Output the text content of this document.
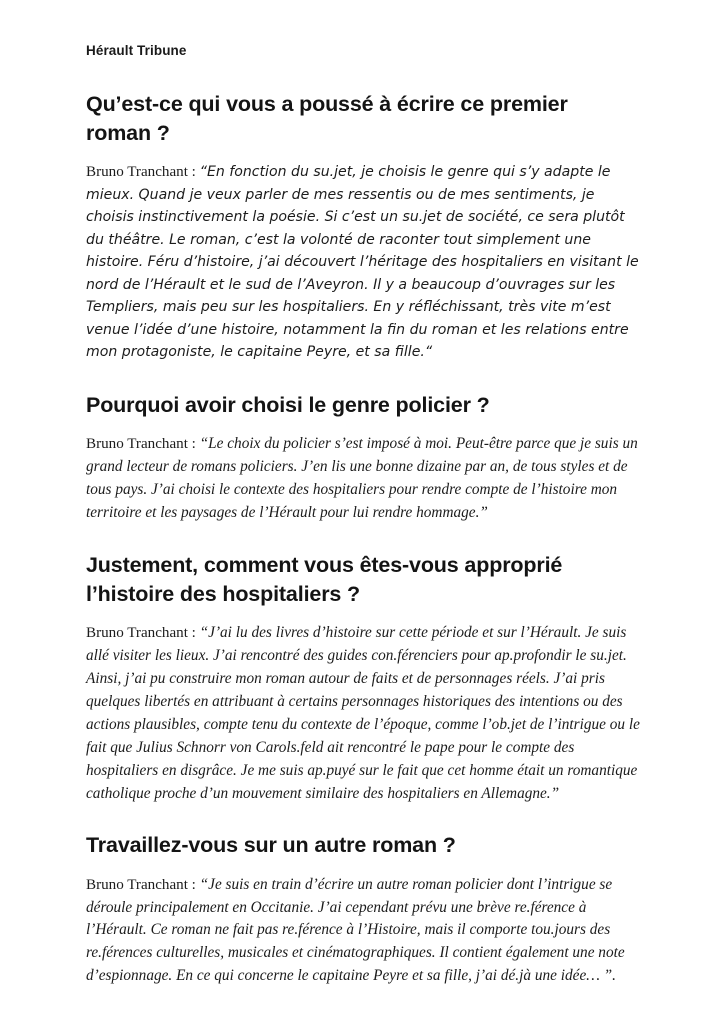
Hérault Tribune
Qu’est-ce qui vous a poussé à écrire ce premier roman ?

Bruno Tranchant : “En fonction du su.jet, je choisis le genre qui s’y adapte le mieux. Quand je veux parler de mes ressentis ou de mes sentiments, je choisis instinctivement la poésie. Si c’est un su.jet de société, ce sera plutôt du théâtre. Le roman, c’est la volonté de raconter tout simplement une histoire. Féru d’histoire, j’ai découvert l’héritage des hospitaliers en visitant le nord de l’Hérault et le sud de l’Aveyron. Il y a beaucoup d’ouvrages sur les Templiers, mais peu sur les hospitaliers. En y réfléchissant, très vite m’est venue l’idée d’une histoire, notamment la fin du roman et les relations entre mon protagoniste, le capitaine Peyre, et sa fille.“

Pourquoi avoir choisi le genre policier ?

Bruno Tranchant : “Le choix du policier s’est imposé à moi. Peut-être parce que je suis un grand lecteur de romans policiers. J’en lis une bonne dizaine par an, de tous styles et de tous pays. J’ai choisi le contexte des hospitaliers pour rendre compte de l’histoire mon territoire et les paysages de l’Hérault pour lui rendre hommage.”

Justement, comment vous êtes-vous approprié l’histoire des hospitaliers ?

Bruno Tranchant : “J’ai lu des livres d’histoire sur cette période et sur l’Hérault. Je suis allé visiter les lieux. J’ai rencontré des guides con.férenciers pour ap.profondir le su.jet. Ainsi, j’ai pu construire mon roman autour de faits et de personnages réels. J’ai pris quelques libertés en attribuant à certains personnages historiques des intentions ou des actions plausibles, compte tenu du contexte de l’époque, comme l’ob.jet de l’intrigue ou le fait que Julius Schnorr von Carols.feld ait rencontré le pape pour le compte des hospitaliers en disgrâce. Je me suis ap.puyé sur le fait que cet homme était un romantique catholique proche d’un mouvement similaire des hospitaliers en Allemagne.”

Travaillez-vous sur un autre roman ?

Bruno Tranchant : “Je suis en train d’écrire un autre roman policier dont l’intrigue se déroule principalement en Occitanie. J’ai cependant prévu une brève re.férence à l’Hérault. Ce roman ne fait pas re.férence à l’Histoire, mais il comporte tou.jours des re.férences culturelles, musicales et cinématographiques. Il contient également une note d’espionnage. En ce qui concerne le capitaine Peyre et sa fille, j’ai dé.jà une idée… ”.
